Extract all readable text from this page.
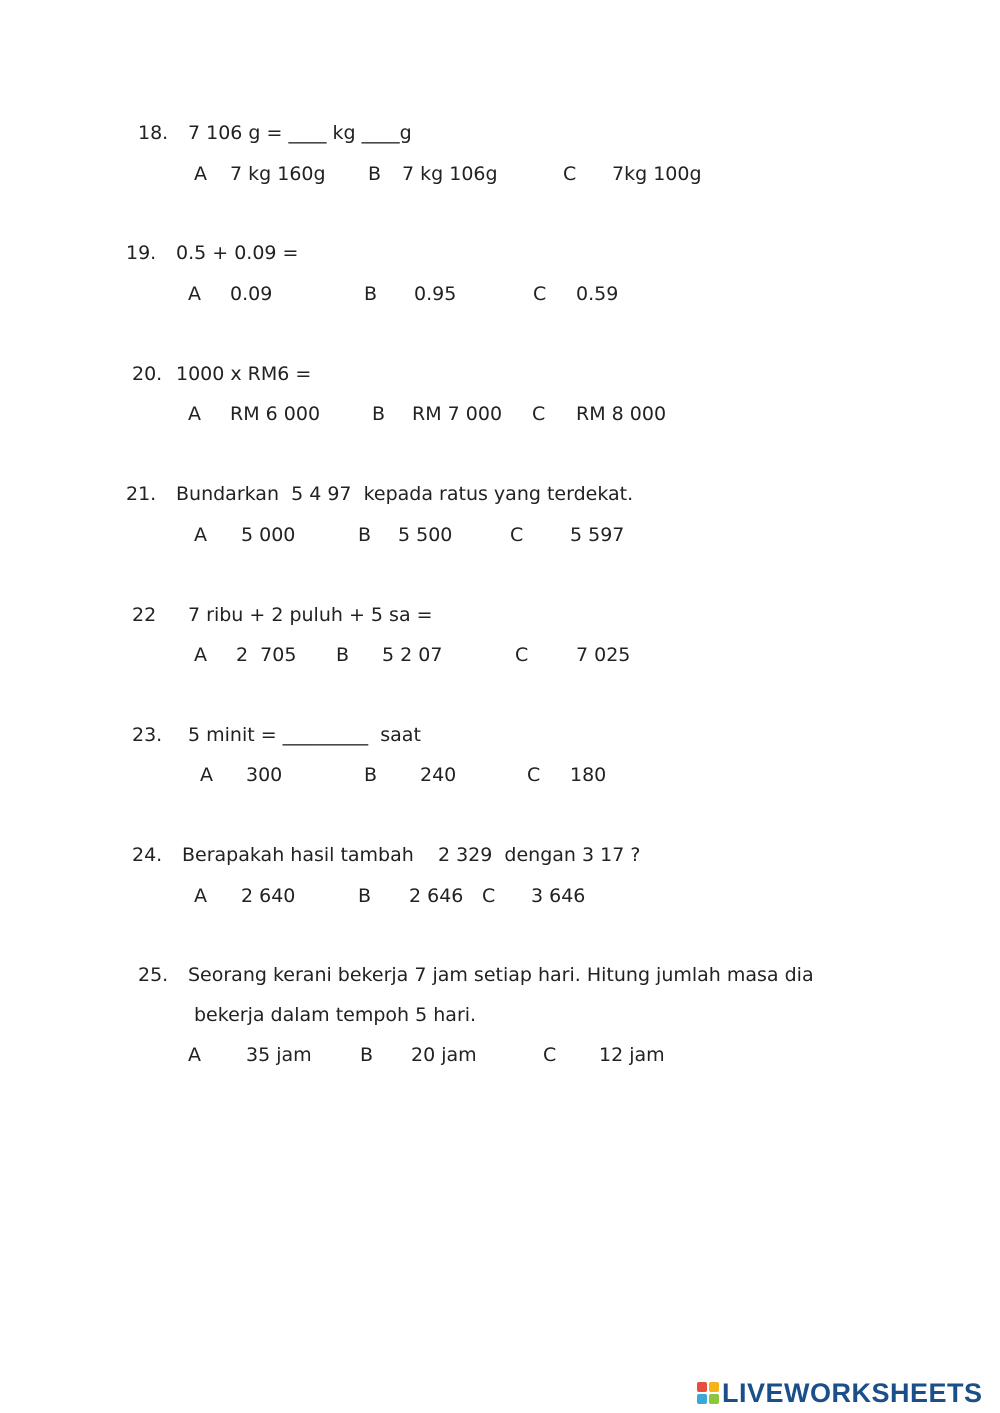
18. 7 106 g = ____ kg ____g
A 7 kg 160g B 7 kg 106g	C 7kg 100g
19. 0.5 + 0.09 =
A 0.09	B 0.95	C 0.59
20. 1000 x RM6 =
A RM 6 000	B RM 7 000 C RM 8 000
21. Bundarkan  5 4 97  kepada ratus yang terdekat.
A 5 000	B 5 500	C 5 597
22 7 ribu + 2 puluh + 5 sa =
A 2  705 B 5 2 07	C	7 025
23. 5 minit = _________  saat
A 300	B 240	C 180
24. Berapakah hasil tambah    2 329  dengan 3 17 ?
A 2 640	B 2 646 C 3 646
25. Seorang kerani bekerja 7 jam setiap hari. Hitung jumlah masa dia
bekerja dalam tempoh 5 hari.
A 35 jam	B 20 jam	C 12 jam
LIVEWORKSHEETS
